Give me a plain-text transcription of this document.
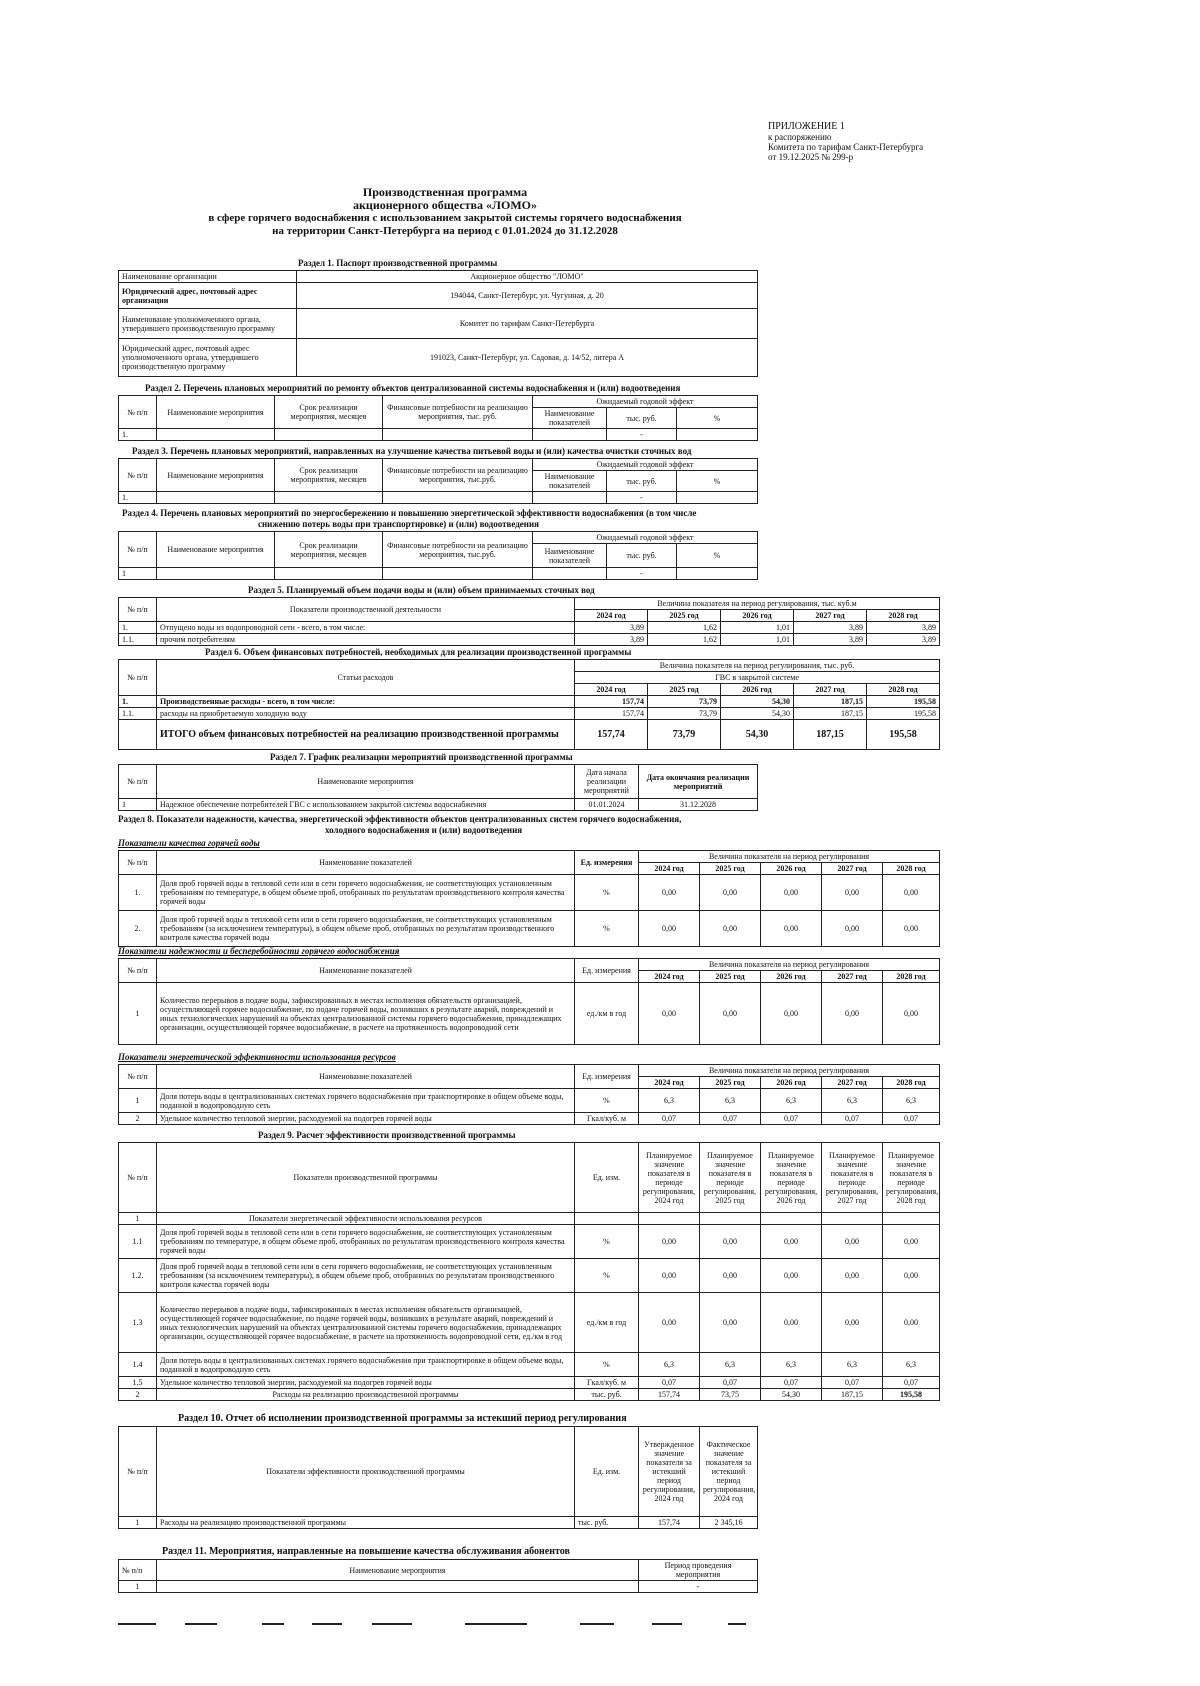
ПРИЛОЖЕНИЕ 1
к распоряжению
Комитета по тарифам Санкт-Петербурга
от 19.12.2025 № 299-р
Производственная программа
акционерного общества «ЛОМО»
в сфере горячего водоснабжения с использованием закрытой системы горячего водоснабжения
на территории Санкт-Петербурга на период с 01.01.2024 до 31.12.2028
Раздел 1. Паспорт производственной программы
Наименование организации	Акционерное общество "ЛОМО"
Юридический адрес, почтовый адрес организации	194044, Санкт-Петербург, ул. Чугунная, д. 20
Наименование уполномоченного органа, утвердившего производственную программу	Комитет по тарифам Санкт-Петербурга
Юридический адрес, почтовый адрес уполномоченного органа, утвердившего производственную программу	191023, Санкт-Петербург, ул. Садовая, д. 14/52, литера А
Раздел 2. Перечень плановых мероприятий по ремонту объектов централизованной системы водоснабжения и (или) водоотведения
№ п/п	Наименование мероприятия	Срок реализации мероприятия, месяцев	Финансовые потребности на реализацию мероприятия, тыс. руб.	Ожидаемый годовой эффект		
				Наименование показателей	тыс. руб.	%
1.					-	
Раздел 3. Перечень плановых мероприятий, направленных на улучшение качества питьевой воды и (или) качества очистки сточных вод
№ п/п	Наименование мероприятия	Срок реализации мероприятия, месяцев	Финансовые потребности на реализацию мероприятия, тыс.руб.	Ожидаемый годовой эффект		
				Наименование показателей	тыс. руб.	%
1.					-	
Раздел 4. Перечень плановых мероприятий по энергосбережению и повышению энергетической эффективности водоснабжения (в том числе
снижению потерь воды при транспортировке) и (или) водоотведения
№ п/п	Наименование мероприятия	Срок реализации мероприятия, месяцев	Финансовые потребности на реализацию мероприятия, тыс.руб.	Ожидаемый годовой эффект		
				Наименование показателей	тыс. руб.	%
1					-	
Раздел 5. Планируемый объем подачи воды и (или) объем принимаемых сточных вод
№ п/п	Показатели производственной деятельности	Величина показателя на период регулирования, тыс. куб.м				
		2024 год	2025 год	2026 год	2027 год	2028 год
1.	Отпущено воды из водопроводной сети - всего, в том числе:	3,89	1,62	1,01	3,89	3,89
1.1.	прочим потребителям	3,89	1,62	1,01	3,89	3,89
Раздел 6. Объем финансовых потребностей, необходимых для реализации производственной программы
№ п/п	Статьи расходов	Величина показателя на период регулирования, тыс. руб.				
		ГВС в закрытой системе				
		2024 год	2025 год	2026 год	2027 год	2028 год
1.	Производственные расходы - всего, в том числе:	157,74	73,79	54,30	187,15	195,58
1.1.	расходы на приобретаемую холодную воду	157,74	73,79	54,30	187,15	195,58
	ИТОГО объем финансовых потребностей на реализацию производственной программы	157,74	73,79	54,30	187,15	195,58
Раздел 7. График реализации мероприятий производственной программы
№ п/п	Наименование мероприятия	Дата начала реализации мероприятий	Дата окончания реализации мероприятий
1	Надежное обеспечение потребителей ГВС с использованием закрытой системы водоснабжения	01.01.2024	31.12.2028
Раздел 8. Показатели надежности, качества, энергетической эффективности объектов централизованных систем горячего водоснабжения,
холодного водоснабжения и (или) водоотведения
Показатели качества горячей воды
№ п/п	Наименование показателей	Ед. измерения	Величина показателя на период регулирования				
			2024 год	2025 год	2026 год	2027 год	2028 год
1.	Доля проб горячей воды в тепловой сети или в сети горячего водоснабжения, не соответствующих установленным требованиям по температуре, в общем объеме проб, отобранных по результатам производственного контроля качества горячей воды	%	0,00	0,00	0,00	0,00	0,00
2.	Доля проб горячей воды в тепловой сети или в сети горячего водоснабжения, не соответствующих установленным требованиям (за исключением температуры), в общем объеме проб, отобранных по результатам производственного контроля качества горячей воды	%	0,00	0,00	0,00	0,00	0,00
Показатели надежности и бесперебойности горячего водоснабжения
№ п/п	Наименование показателей	Ед. измерения	Величина показателя на период регулирования				
			2024 год	2025 год	2026 год	2027 год	2028 год
1	Количество перерывов в подаче воды, зафиксированных в местах исполнения обязательств организацией, осуществляющей горячее водоснабжение, по подаче горячей воды, возникших в результате аварий, повреждений и иных технологических нарушений на объектах централизованной системы горячего водоснабжения, принадлежащих организации, осуществляющей горячее водоснабжение, в расчете на протяженность водопроводной сети	ед./км в год	0,00	0,00	0,00	0,00	0,00
Показатели энергетической эффективности использования ресурсов
№ п/п	Наименование показателей	Ед. измерения	Величина показателя на период регулирования				
			2024 год	2025 год	2026 год	2027 год	2028 год
1	Доля потерь воды в централизованных системах горячего водоснабжения при транспортировке в общем объеме воды, поданной в водопроводную сеть	%	6,3	6,3	6,3	6,3	6,3
2	Удельное количество тепловой энергии, расходуемой на подогрев горячей воды	Гкал/куб. м	0,07	0,07	0,07	0,07	0,07
Раздел 9. Расчет эффективности производственной программы
№ п/п	Показатели производственной программы	Ед. изм.	Планируемое значение показателя в периоде регулирования, 2024 год	Планируемое значение показателя в периоде регулирования, 2025 год	Планируемое значение показателя в периоде регулирования, 2026 год	Планируемое значение показателя в периоде регулирования, 2027 год	Планируемое значение показателя в периоде регулирования, 2028 год
1	Показатели энергетической эффективности использования ресурсов						
1.1	Доля проб горячей воды в тепловой сети или в сети горячего водоснабжения, не соответствующих установленным требованиям по температуре, в общем объеме проб, отобранных по результатам производственного контроля качества горячей воды	%	0,00	0,00	0,00	0,00	0,00
1.2.	Доля проб горячей воды в тепловой сети или в сети горячего водоснабжения, не соответствующих установленным требованиям (за исключением температуры), в общем объеме проб, отобранных по результатам производственного контроля качества горячей воды	%	0,00	0,00	0,00	0,00	0,00
1.3	Количество перерывов в подаче воды, зафиксированных в местах исполнения обязательств организацией, осуществляющей горячее водоснабжение, по подаче горячей воды, возникших в результате аварий, повреждений и иных технологических нарушений на объектах централизованной системы горячего водоснабжения, принадлежащих организации, осуществляющей горячее водоснабжение, в расчете на протяженность водопроводной сети, ед./км в год	ед./км в год	0,00	0,00	0,00	0,00	0,00
1.4	Доля потерь воды в централизованных системах горячего водоснабжения при транспортировке в общем объеме воды, поданной в водопроводную сеть	%	6,3	6,3	6,3	6,3	6,3
1.5	Удельное количество тепловой энергии, расходуемой на подогрев горячей воды	Гкал/куб. м	0,07	0,07	0,07	0,07	0,07
2	Расходы на реализацию производственной программы	тыс. руб.	157,74	73,75	54,30	187,15	195,58
Раздел 10. Отчет об исполнении производственной программы за истекший период регулирования
№ п/п	Показатели эффективности производственной программы	Ед. изм.	Утвержденное значение показателя за истекший период регулирования, 2024 год	Фактическое значение показателя за истекший период регулирования, 2024 год
1	Расходы на реализацию производственной программы	тыс. руб.	157,74	2 345,16
Раздел 11. Мероприятия, направленные на повышение качества обслуживания абонентов
№ п/п	Наименование мероприятия	Период проведения мероприятия
1		-
